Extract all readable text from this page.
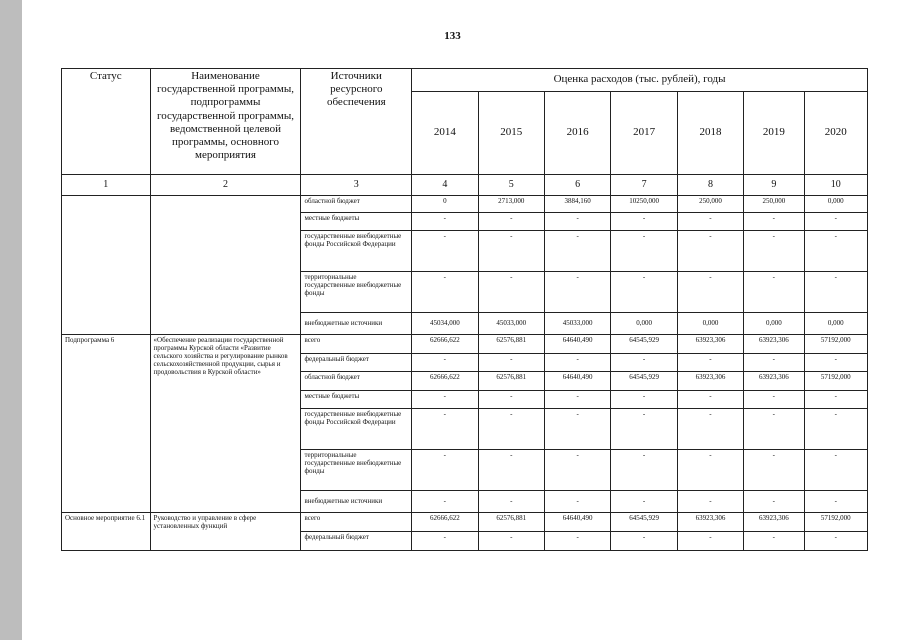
133
Статус	Наименование государственной программы, подпрограммы государственной программы, ведомственной целевой программы, основного мероприятия	Источники ресурсного обеспечения	Оценка расходов (тыс. рублей), годы						
			2014	2015	2016	2017	2018	2019	2020
1	2	3	4	5	6	7	8	9	10
		областной бюджет	0	2713,000	3884,160	10250,000	250,000	250,000	0,000
		местные бюджеты	-	-	-	-	-	-	-
		государственные внебюджетные фонды Российской Федерации	-	-	-	-	-	-	-
		территориальные государственные внебюджетные фонды	-	-	-	-	-	-	-
		внебюджетные источники	45034,000	45033,000	45033,000	0,000	0,000	0,000	0,000
Подпрограмма 6	«Обеспечение реализации государственной программы Курской области «Развитие сельского хозяйства и регулирование рынков сельскохозяйственной продукции, сырья и продовольствия в Курской области»	всего	62666,622	62576,881	64640,490	64545,929	63923,306	63923,306	57192,000
		федеральный бюджет	-	-	-	-	-	-	-
		областной бюджет	62666,622	62576,881	64640,490	64545,929	63923,306	63923,306	57192,000
		местные бюджеты	-	-	-	-	-	-	-
		государственные внебюджетные фонды Российской Федерации	-	-	-	-	-	-	-
		территориальные государственные внебюджетные фонды	-	-	-	-	-	-	-
		внебюджетные источники	-	-	-	-	-	-	-
Основное мероприятие 6.1	Руководство и управление в сфере установленных функций	всего	62666,622	62576,881	64640,490	64545,929	63923,306	63923,306	57192,000
		федеральный бюджет	-	-	-	-	-	-	-
